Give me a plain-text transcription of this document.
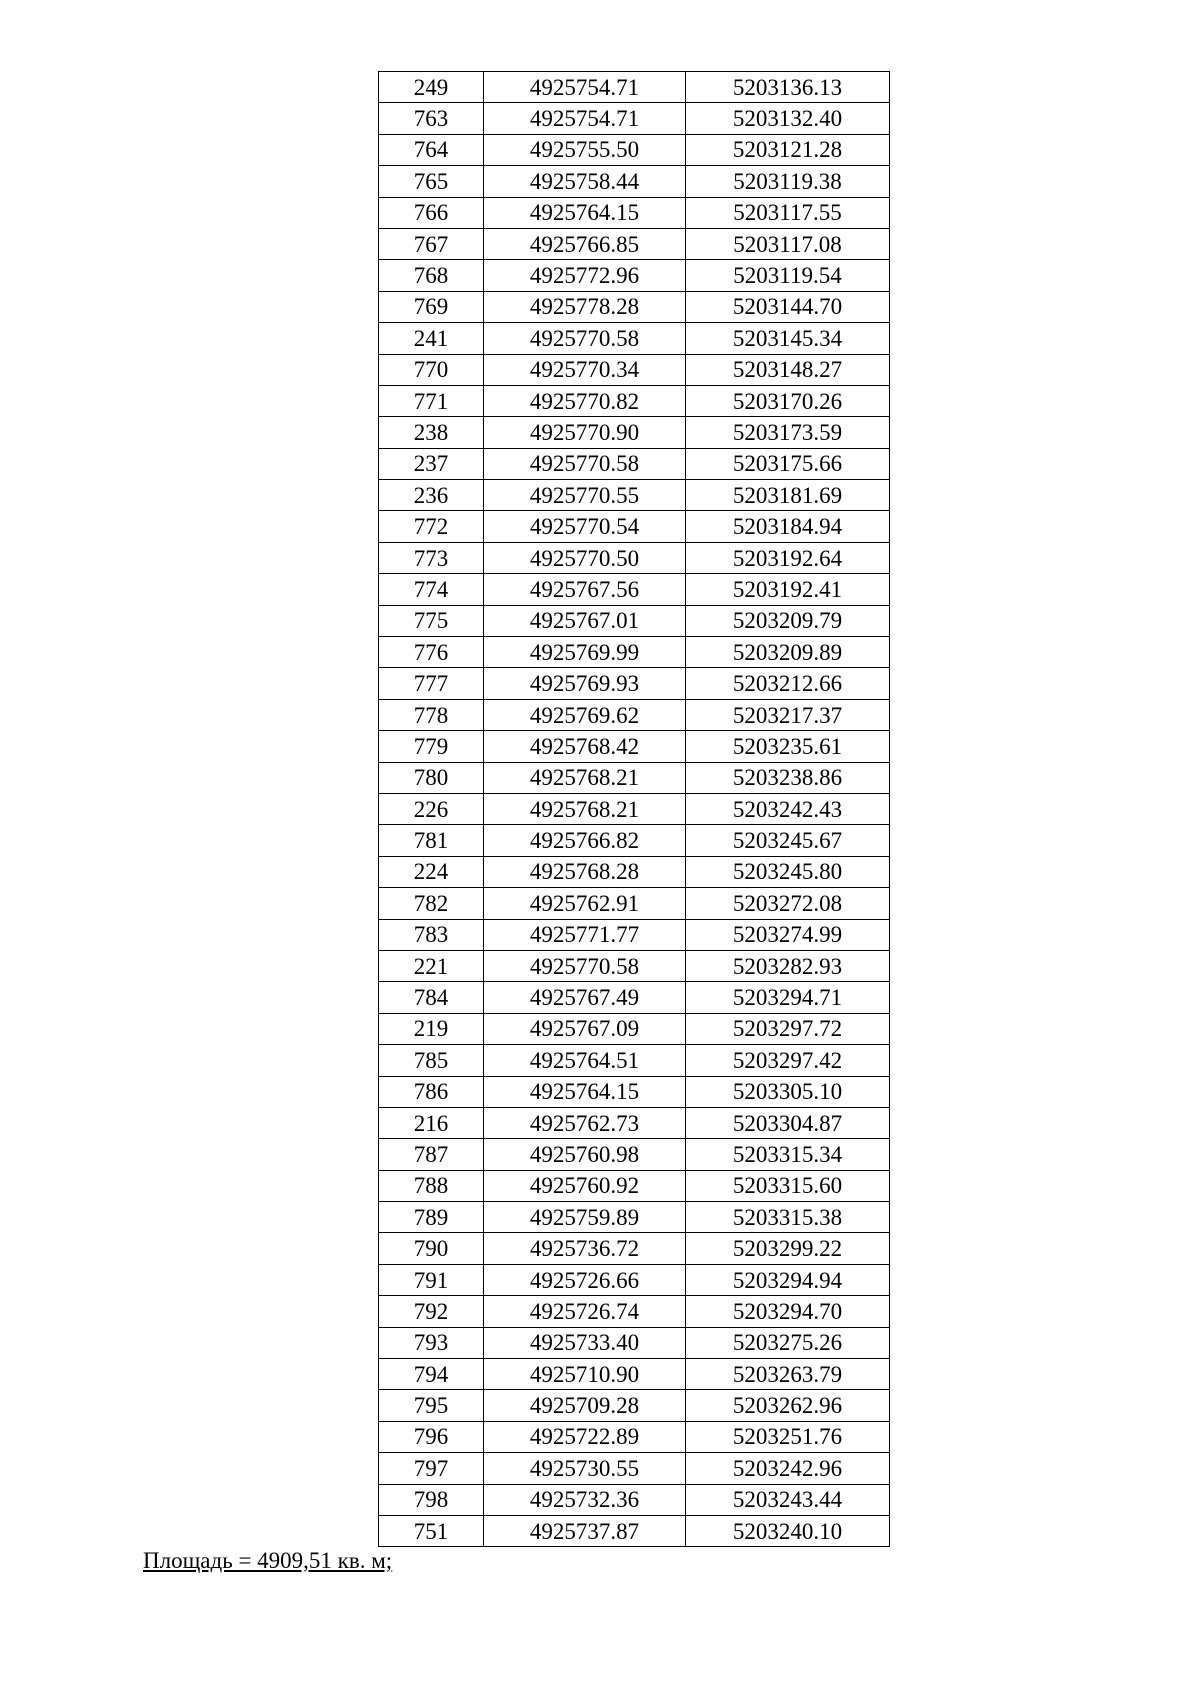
249	4925754.71	5203136.13
763	4925754.71	5203132.40
764	4925755.50	5203121.28
765	4925758.44	5203119.38
766	4925764.15	5203117.55
767	4925766.85	5203117.08
768	4925772.96	5203119.54
769	4925778.28	5203144.70
241	4925770.58	5203145.34
770	4925770.34	5203148.27
771	4925770.82	5203170.26
238	4925770.90	5203173.59
237	4925770.58	5203175.66
236	4925770.55	5203181.69
772	4925770.54	5203184.94
773	4925770.50	5203192.64
774	4925767.56	5203192.41
775	4925767.01	5203209.79
776	4925769.99	5203209.89
777	4925769.93	5203212.66
778	4925769.62	5203217.37
779	4925768.42	5203235.61
780	4925768.21	5203238.86
226	4925768.21	5203242.43
781	4925766.82	5203245.67
224	4925768.28	5203245.80
782	4925762.91	5203272.08
783	4925771.77	5203274.99
221	4925770.58	5203282.93
784	4925767.49	5203294.71
219	4925767.09	5203297.72
785	4925764.51	5203297.42
786	4925764.15	5203305.10
216	4925762.73	5203304.87
787	4925760.98	5203315.34
788	4925760.92	5203315.60
789	4925759.89	5203315.38
790	4925736.72	5203299.22
791	4925726.66	5203294.94
792	4925726.74	5203294.70
793	4925733.40	5203275.26
794	4925710.90	5203263.79
795	4925709.28	5203262.96
796	4925722.89	5203251.76
797	4925730.55	5203242.96
798	4925732.36	5203243.44
751	4925737.87	5203240.10
Площадь = 4909,51 кв. м;
